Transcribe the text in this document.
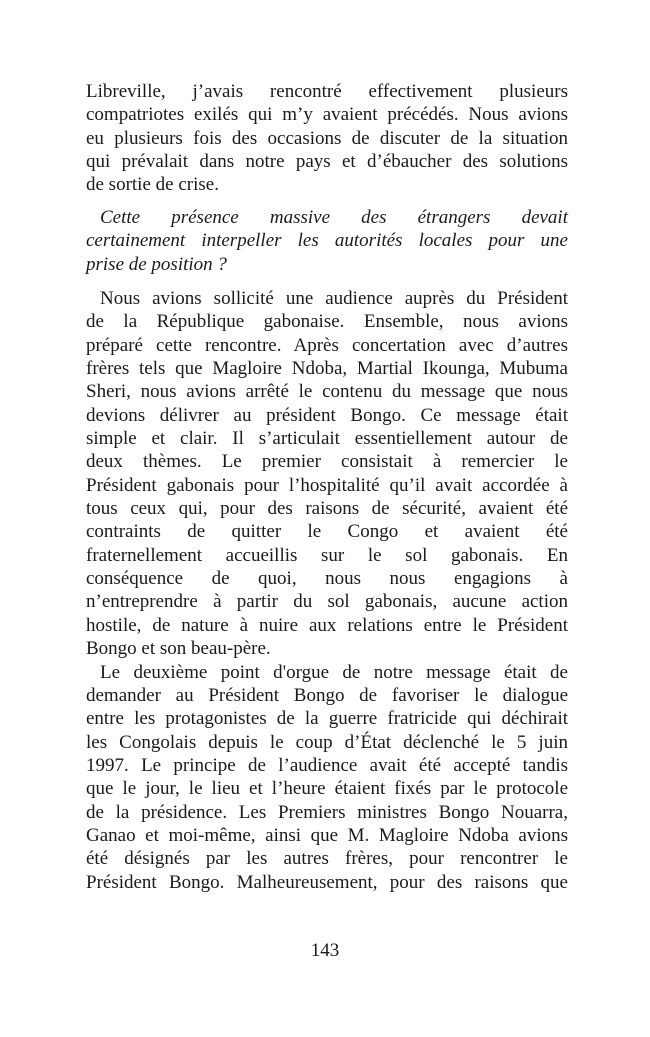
Libreville, j’avais rencontré effectivement plusieurs
compatriotes exilés qui m’y avaient précédés. Nous avions
eu plusieurs fois des occasions de discuter de la situation
qui prévalait dans notre pays et d’ébaucher des solutions
de sortie de crise.
Cette présence massive des étrangers devait
certainement interpeller les autorités locales pour une
prise de position ?
Nous avions sollicité une audience auprès du Président
de la République gabonaise. Ensemble, nous avions
préparé cette rencontre. Après concertation avec d’autres
frères tels que Magloire Ndoba, Martial Ikounga, Mubuma
Sheri, nous avions arrêté le contenu du message que nous
devions délivrer au président Bongo. Ce message était
simple et clair. Il s’articulait essentiellement autour de
deux thèmes. Le premier consistait à remercier le
Président gabonais pour l’hospitalité qu’il avait accordée à
tous ceux qui, pour des raisons de sécurité, avaient été
contraints de quitter le Congo et avaient été
fraternellement accueillis sur le sol gabonais. En
conséquence de quoi, nous nous engagions à
n’entreprendre à partir du sol gabonais, aucune action
hostile, de nature à nuire aux relations entre le Président
Bongo et son beau-père.
Le deuxième point d'orgue de notre message était de
demander au Président Bongo de favoriser le dialogue
entre les protagonistes de la guerre fratricide qui déchirait
les Congolais depuis le coup d’État déclenché le 5 juin
1997. Le principe de l’audience avait été accepté tandis
que le jour, le lieu et l’heure étaient fixés par le protocole
de la présidence. Les Premiers ministres Bongo Nouarra,
Ganao et moi-même, ainsi que M. Magloire Ndoba avions
été désignés par les autres frères, pour rencontrer le
Président Bongo. Malheureusement, pour des raisons que
143
